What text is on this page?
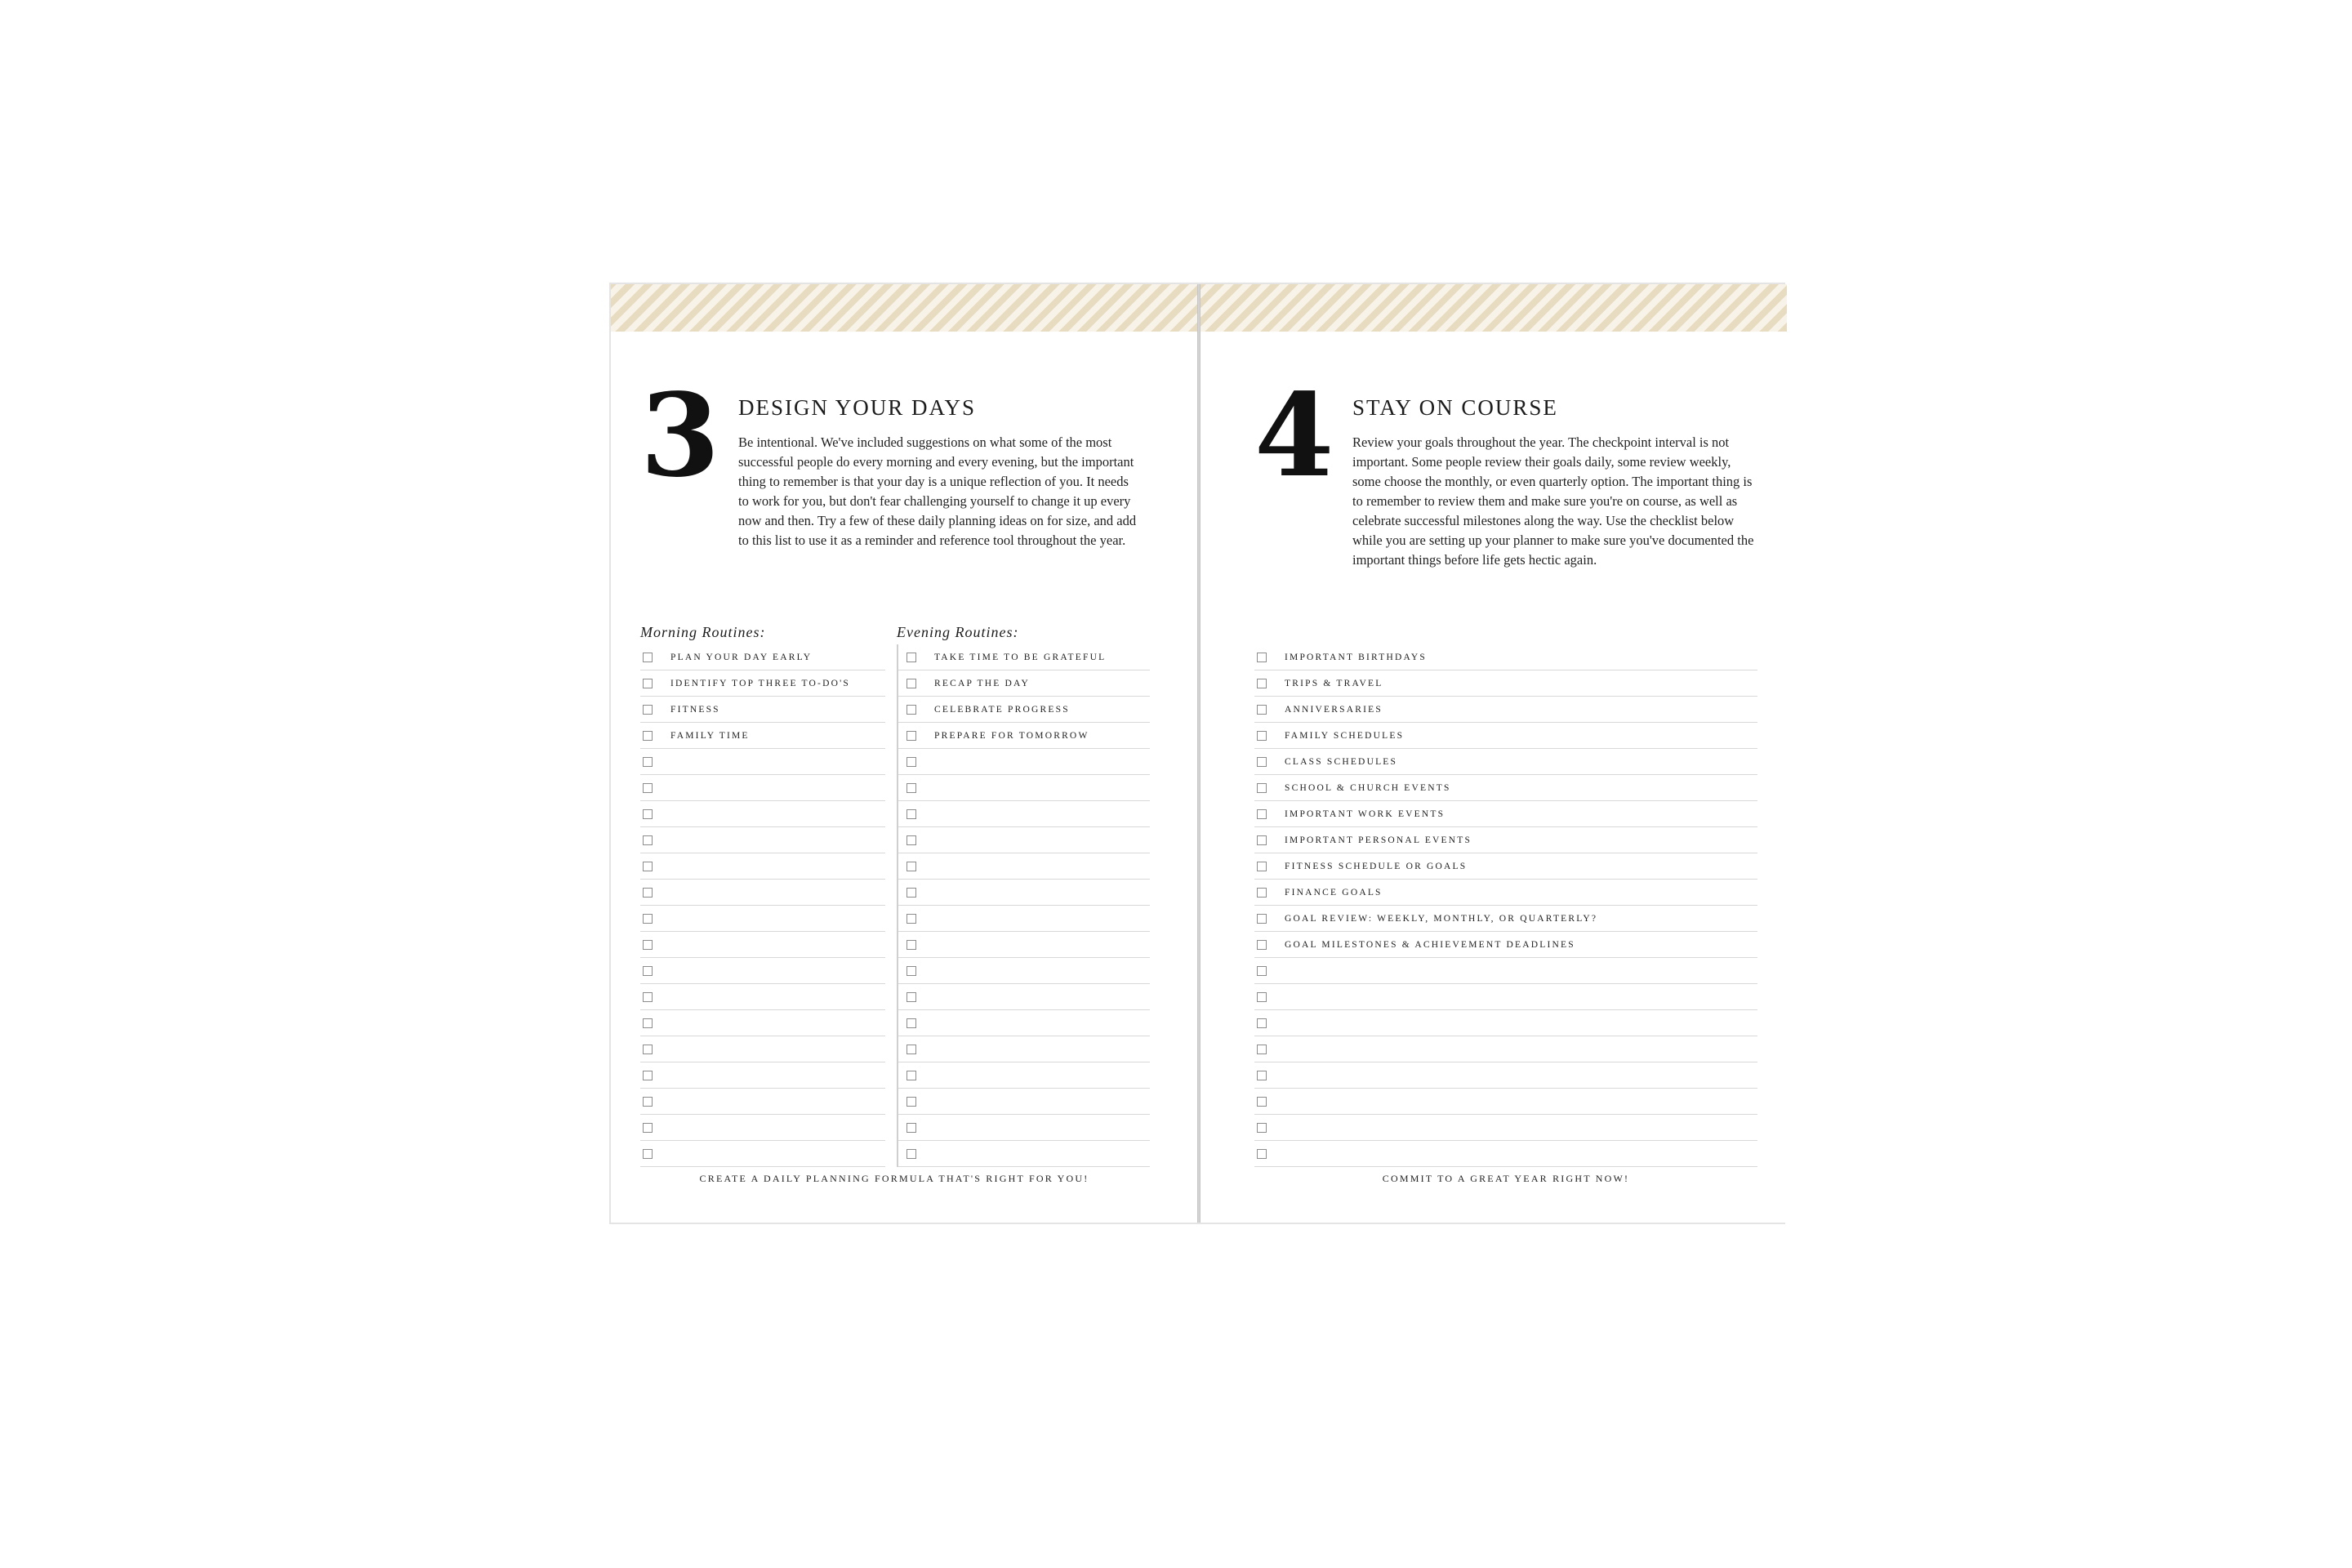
3 DESIGN YOUR DAYS

Be intentional. We've included suggestions on what some of the most successful people do every morning and every evening, but the important thing to remember is that your day is a unique reflection of you. It needs to work for you, but don't fear challenging yourself to change it up every now and then. Try a few of these daily planning ideas on for size, and add to this list to use it as a reminder and reference tool throughout the year.

Morning Routines:	Evening Routines:
PLAN YOUR DAY EARLY
IDENTIFY TOP THREE TO-DO'S
FITNESS
FAMILY TIME
TAKE TIME TO BE GRATEFUL
RECAP THE DAY
CELEBRATE PROGRESS
PREPARE FOR TOMORROW
CREATE A DAILY PLANNING FORMULA THAT'S RIGHT FOR YOU!
4 STAY ON COURSE

Review your goals throughout the year. The checkpoint interval is not important. Some people review their goals daily, some review weekly, some choose the monthly, or even quarterly option. The important thing is to remember to review them and make sure you're on course, as well as celebrate successful milestones along the way. Use the checklist below while you are setting up your planner to make sure you've documented the important things before life gets hectic again.

IMPORTANT BIRTHDAYS
TRIPS & TRAVEL
ANNIVERSARIES
FAMILY SCHEDULES
CLASS SCHEDULES
SCHOOL & CHURCH EVENTS
IMPORTANT WORK EVENTS
IMPORTANT PERSONAL EVENTS
FITNESS SCHEDULE OR GOALS
FINANCE GOALS
GOAL REVIEW: WEEKLY, MONTHLY, OR QUARTERLY?
GOAL MILESTONES & ACHIEVEMENT DEADLINES
COMMIT TO A GREAT YEAR RIGHT NOW!
